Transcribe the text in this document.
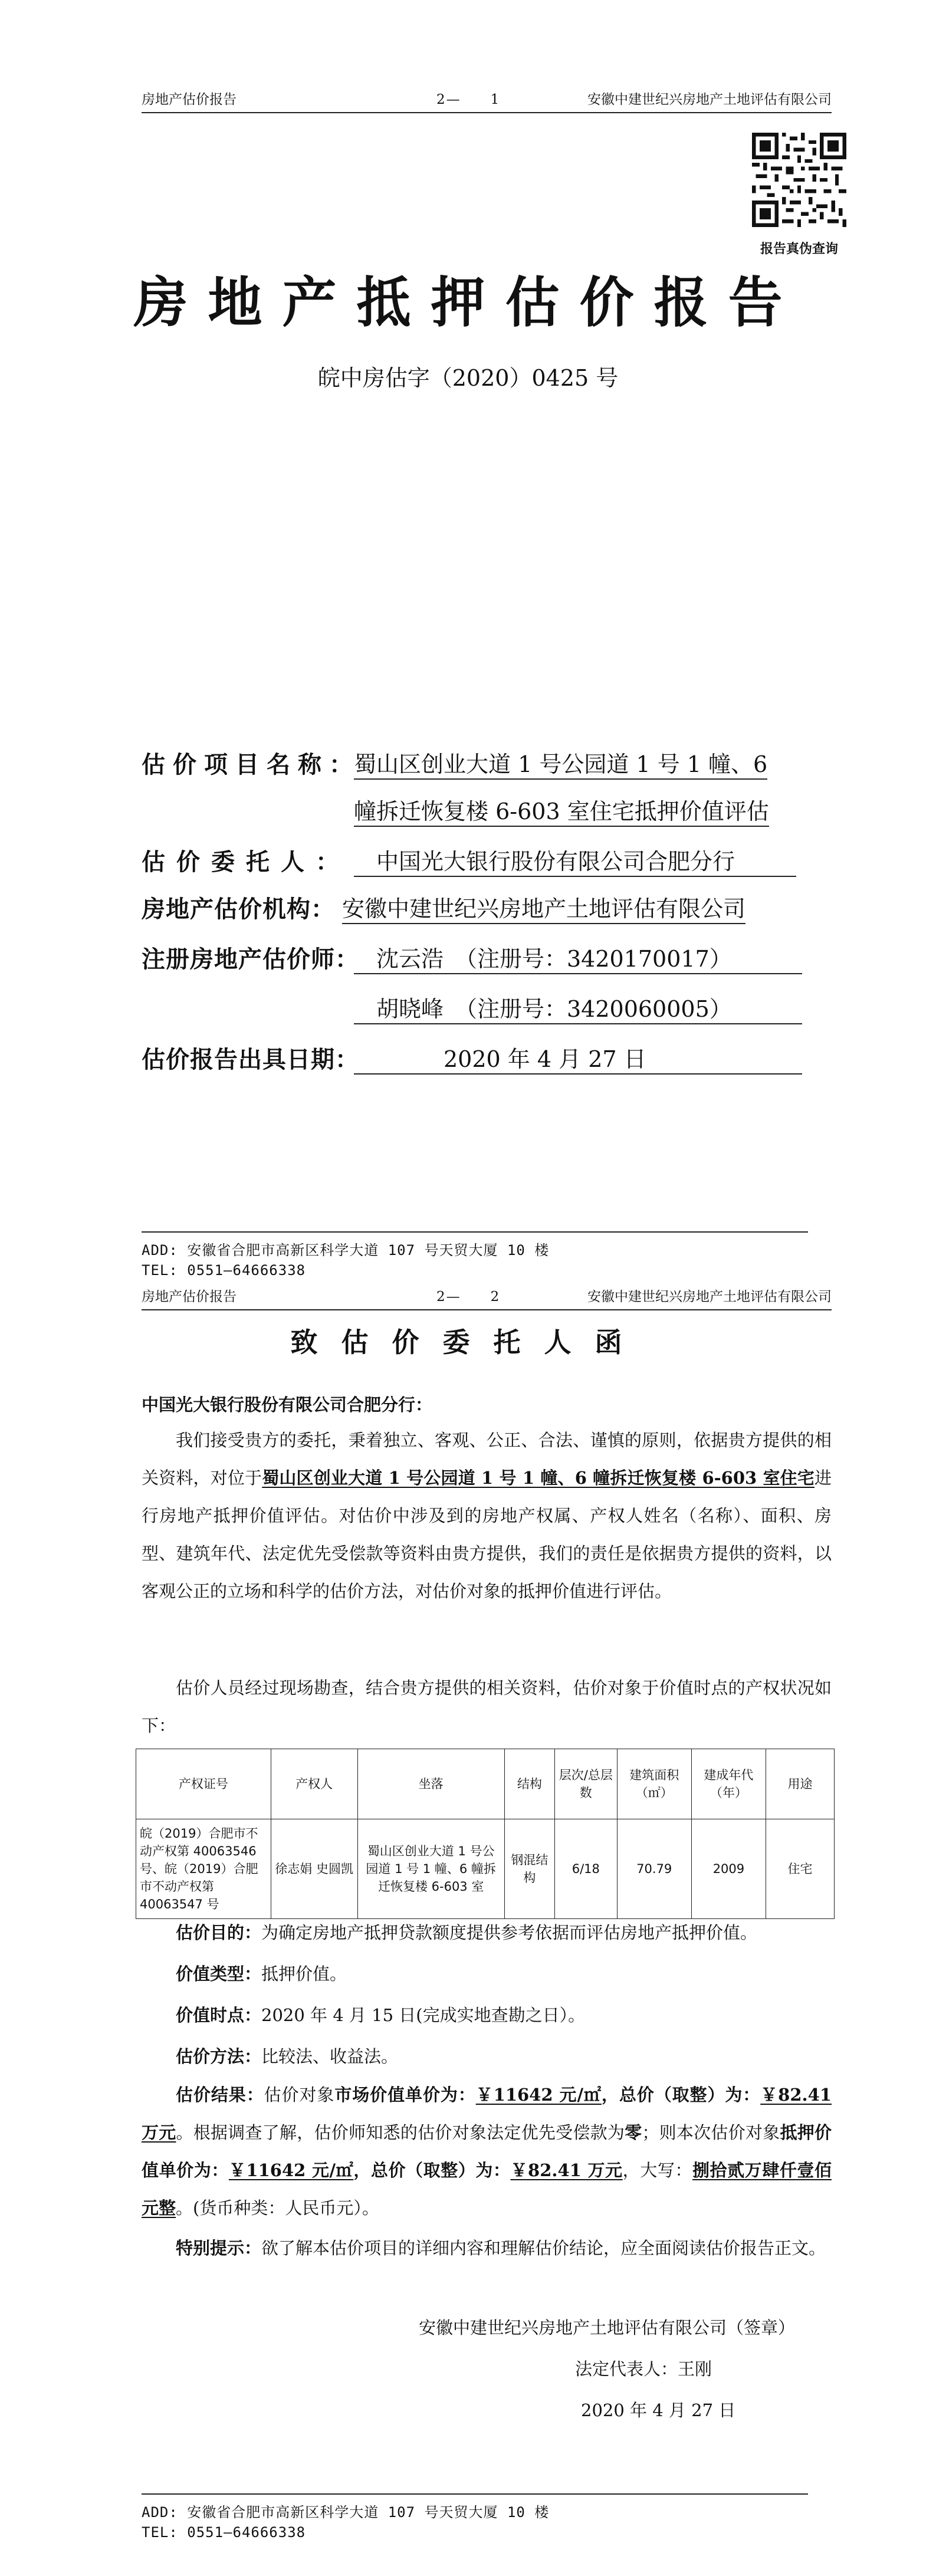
房地产估价报告	2—　　1	安徽中建世纪兴房地产土地评估有限公司
报告真伪查询
房地产抵押估价报告
皖中房估字（2020）0425 号
估价项目名称：
蜀山区创业大道 1 号公园道 1 号 1 幢、6
幢拆迁恢复楼 6-603 室住宅抵押价值评估
估价委托人： 　中国光大银行股份有限公司合肥分行
房地产估价机构： 安徽中建世纪兴房地产土地评估有限公司
注册房地产估价师：
　沈云浩　（注册号：3420170017）　
　胡晓峰　（注册号：3420060005）　
估价报告出具日期：
　　　　2020 年 4 月 27 日　　　　
ADD: 安徽省合肥市高新区科学大道 107 号天贸大厦 10 楼
TEL: 0551—64666338
房地产估价报告	2—　　2	安徽中建世纪兴房地产土地评估有限公司
致估价委托人函
中国光大银行股份有限公司合肥分行：
我们接受贵方的委托，秉着独立、客观、公正、合法、谨慎的原则，依据贵方提供的相关资料，对位于蜀山区创业大道 1 号公园道 1 号 1 幢、6 幢拆迁恢复楼 6-603 室住宅进行房地产抵押价值评估。对估价中涉及到的房地产权属、产权人姓名（名称）、面积、房型、建筑年代、法定优先受偿款等资料由贵方提供，我们的责任是依据贵方提供的资料，以客观公正的立场和科学的估价方法，对估价对象的抵押价值进行评估。
估价人员经过现场勘查，结合贵方提供的相关资料，估价对象于价值时点的产权状况如下：
产权证号	产权人	坐落	结构	层次/总层数	建筑面积（㎡）	建成年代（年）	用途
皖（2019）合肥市不动产权第 40063546 号、皖（2019）合肥市不动产权第 40063547 号	徐志娟 史圆凯	蜀山区创业大道 1 号公园道 1 号 1 幢、6 幢拆迁恢复楼 6-603 室	钢混结构	6/18	70.79	2009	住宅
估价目的：为确定房地产抵押贷款额度提供参考依据而评估房地产抵押价值。
价值类型：抵押价值。
价值时点：2020 年 4 月 15 日(完成实地查勘之日）。
估价方法：比较法、收益法。
估价结果：估价对象市场价值单价为：￥11642 元/㎡，总价（取整）为：￥82.41 万元。根据调查了解，估价师知悉的估价对象法定优先受偿款为零；则本次估价对象抵押价值单价为：￥11642 元/㎡，总价（取整）为：￥82.41 万元，大写：捌拾贰万肆仟壹佰元整。(货币种类：人民币元）。
特别提示：欲了解本估价项目的详细内容和理解估价结论，应全面阅读估价报告正文。
安徽中建世纪兴房地产土地评估有限公司（签章）
法定代表人：王刚
2020 年 4 月 27 日
ADD: 安徽省合肥市高新区科学大道 107 号天贸大厦 10 楼
TEL: 0551—64666338
